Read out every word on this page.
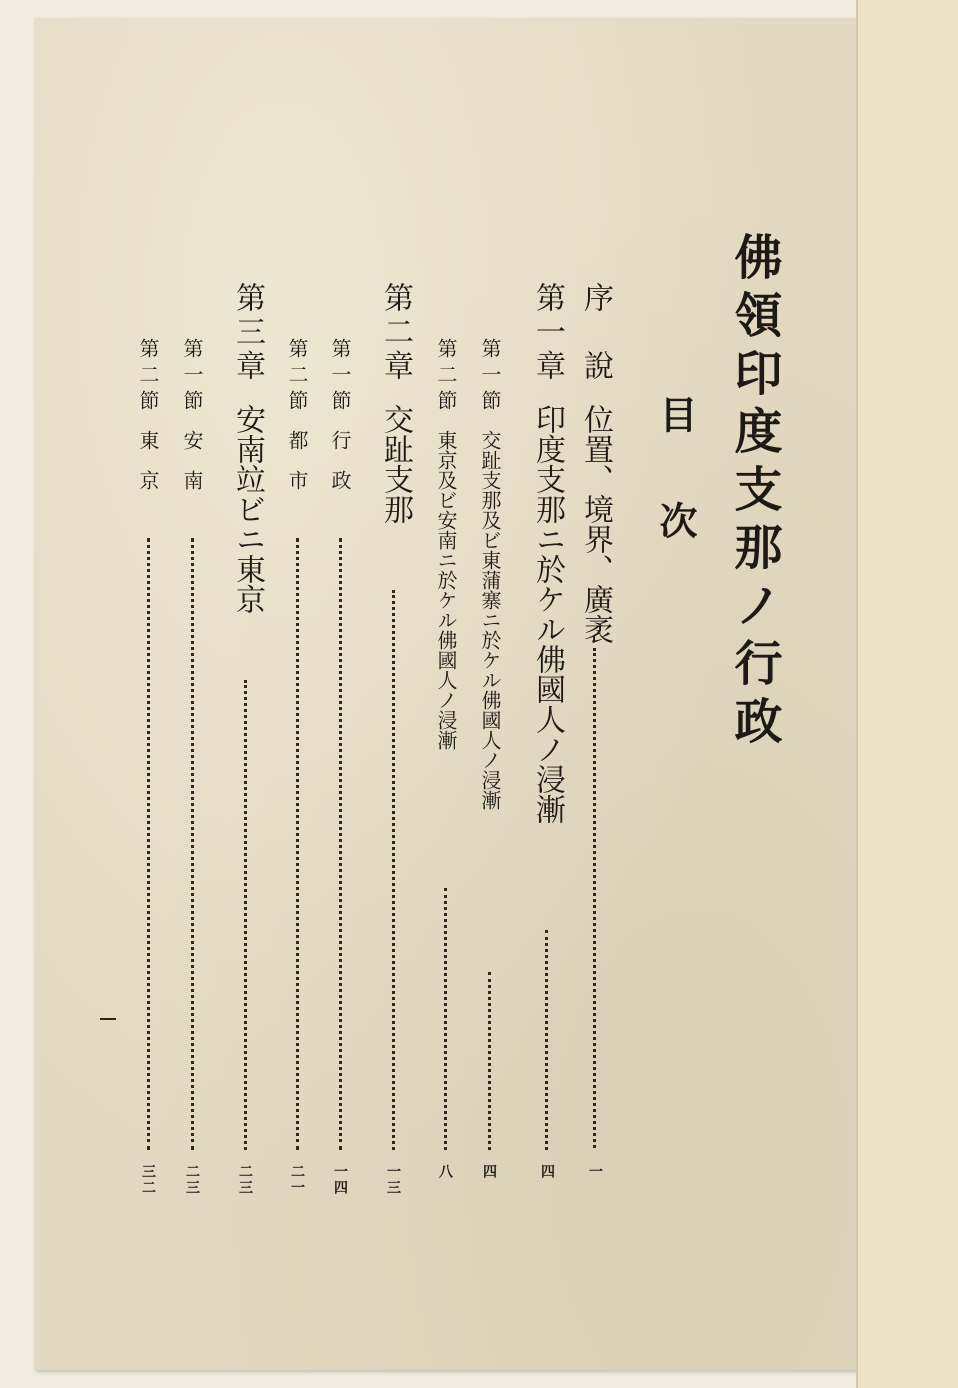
佛領印度支那ノ行政
目次
序　說位置、境界、廣袤
一
第一章印度支那ニ於ケル佛國人ノ浸漸
四
第一節交趾支那及ビ東蒲寨ニ於ケル佛國人ノ浸漸
四
第二節東京及ビ安南ニ於ケル佛國人ノ浸漸
八
第二章交趾支那
一三
第一節行　政
一四
第二節都　市
二一
第三章安南竝ビニ東京
二三
第一節安　南
二三
第二節東　京
三二
